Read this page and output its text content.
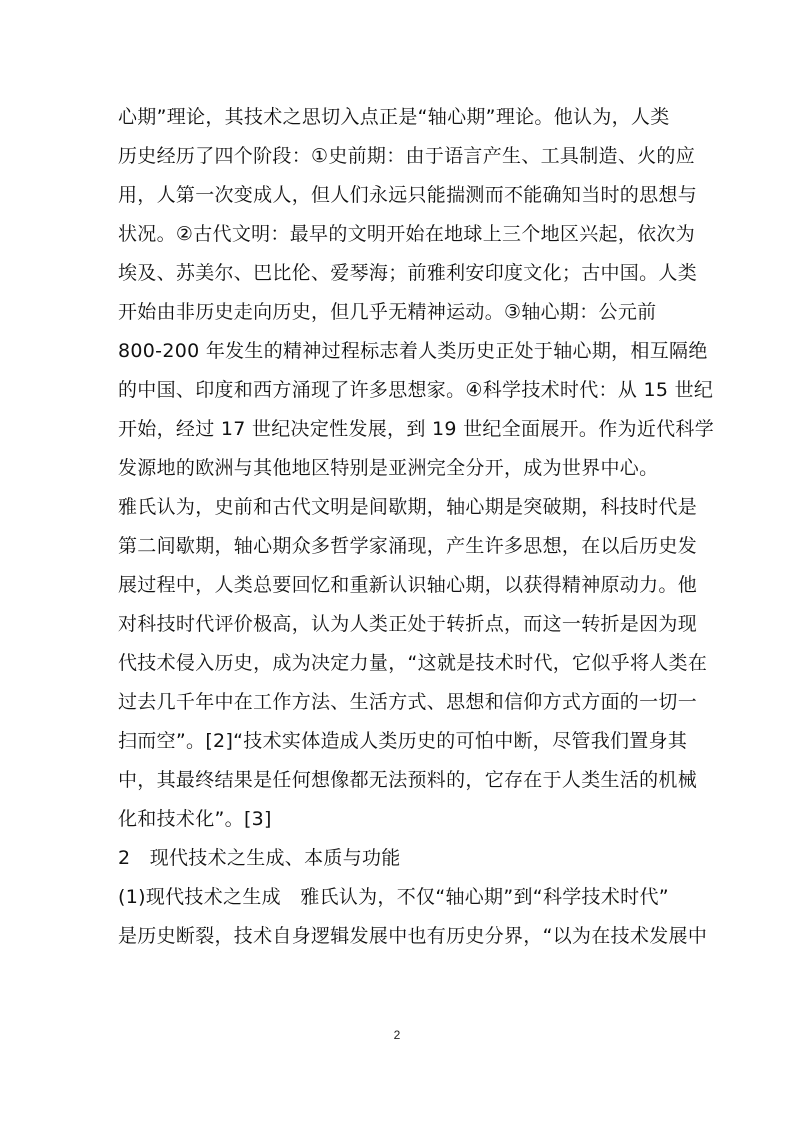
心期”理论，其技术之思切入点正是“轴心期”理论。他认为，人类
历史经历了四个阶段：①史前期：由于语言产生、工具制造、火的应
用，人第一次变成人，但人们永远只能揣测而不能确知当时的思想与
状况。②古代文明：最早的文明开始在地球上三个地区兴起，依次为
埃及、苏美尔、巴比伦、爱琴海；前雅利安印度文化；古中国。人类
开始由非历史走向历史，但几乎无精神运动。③轴心期：公元前
800-200 年发生的精神过程标志着人类历史正处于轴心期，相互隔绝
的中国、印度和西方涌现了许多思想家。④科学技术时代：从 15 世纪
开始，经过 17 世纪决定性发展，到 19 世纪全面展开。作为近代科学
发源地的欧洲与其他地区特别是亚洲完全分开，成为世界中心。
雅氏认为，史前和古代文明是间歇期，轴心期是突破期，科技时代是
第二间歇期，轴心期众多哲学家涌现，产生许多思想，在以后历史发
展过程中，人类总要回忆和重新认识轴心期，以获得精神原动力。他
对科技时代评价极高，认为人类正处于转折点，而这一转折是因为现
代技术侵入历史，成为决定力量，“这就是技术时代，它似乎将人类在
过去几千年中在工作方法、生活方式、思想和信仰方式方面的一切一
扫而空”。[2]“技术实体造成人类历史的可怕中断，尽管我们置身其
中，其最终结果是任何想像都无法预料的，它存在于人类生活的机械
化和技术化”。[3]
2　现代技术之生成、本质与功能
(1)现代技术之生成　雅氏认为，不仅“轴心期”到“科学技术时代”
是历史断裂，技术自身逻辑发展中也有历史分界，“以为在技术发展中
2
